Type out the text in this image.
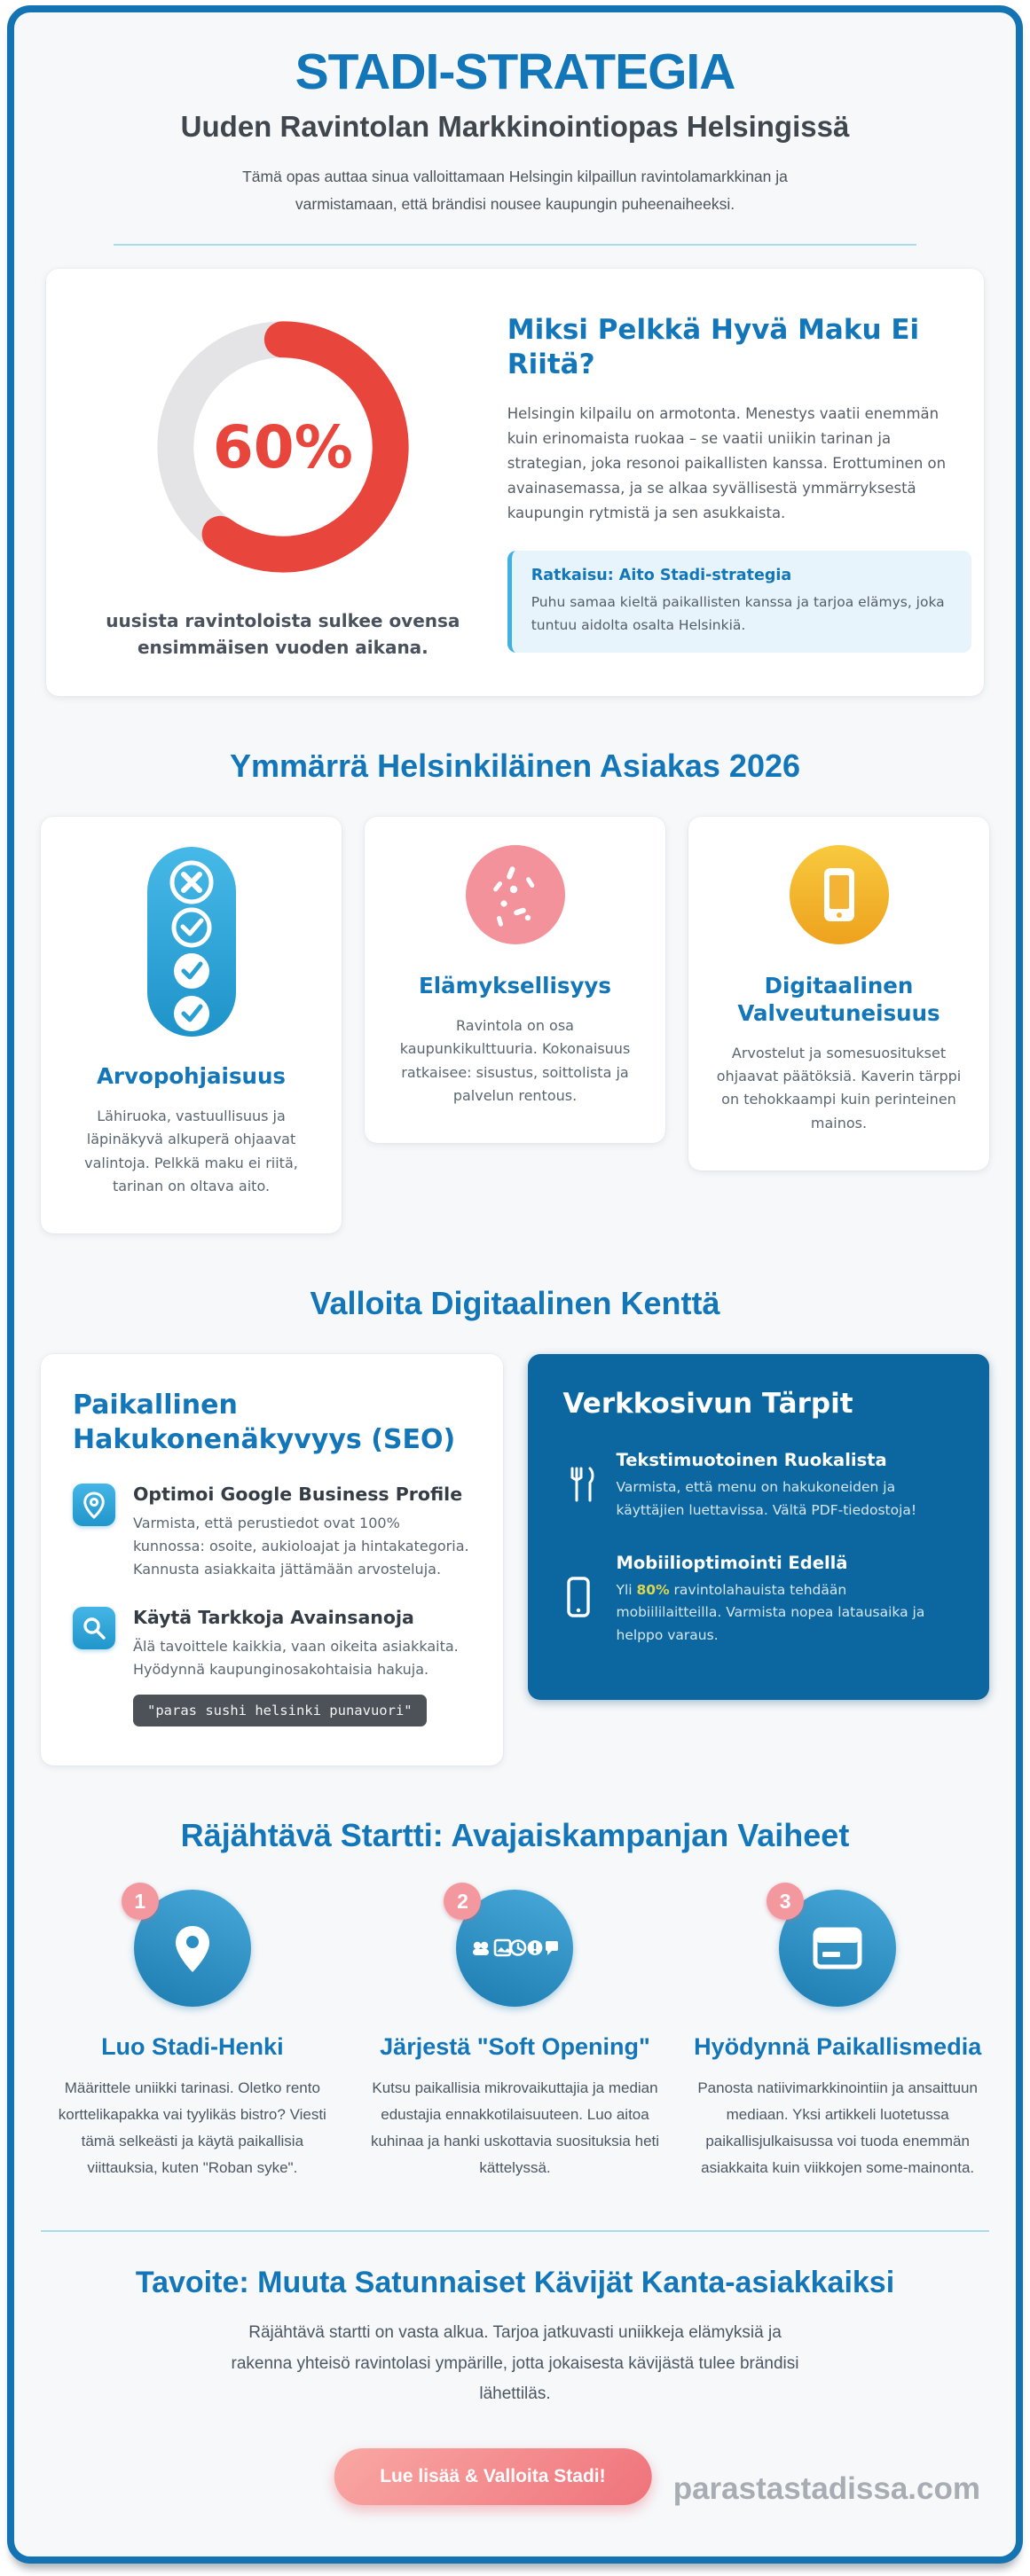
STADI-STRATEGIA
Uuden Ravintolan Markkinointiopas Helsingissä

Tämä opas auttaa sinua valloittamaan Helsingin kilpaillun ravintolamarkkinan ja varmistamaan, että brändisi nousee kaupungin puheenaiheeksi.

60%

uusista ravintoloista sulkee ovensa ensimmäisen vuoden aikana.

Miksi Pelkkä Hyvä Maku Ei Riitä?

Helsingin kilpailu on armotonta. Menestys vaatii enemmän kuin erinomaista ruokaa – se vaatii uniikin tarinan ja strategian, joka resonoi paikallisten kanssa. Erottuminen on avainasemassa, ja se alkaa syvällisestä ymmärryksestä kaupungin rytmistä ja sen asukkaista.

Ratkaisu: Aito Stadi-strategia

Puhu samaa kieltä paikallisten kanssa ja tarjoa elämys, joka tuntuu aidolta osalta Helsinkiä.

Ymmärrä Helsinkiläinen Asiakas 2026
Arvopohjaisuus

Lähiruoka, vastuullisuus ja läpinäkyvä alkuperä ohjaavat valintoja. Pelkkä maku ei riitä, tarinan on oltava aito.

Elämyksellisyys

Ravintola on osa kaupunkikulttuuria. Kokonaisuus ratkaisee: sisustus, soittolista ja palvelun rentous.

Digitaalinen Valveutuneisuus

Arvostelut ja somesuositukset ohjaavat päätöksiä. Kaverin tärppi on tehokkaampi kuin perinteinen mainos.

Valloita Digitaalinen Kenttä
Paikallinen Hakukonenäkyvyys (SEO)
Optimoi Google Business Profile

Varmista, että perustiedot ovat 100% kunnossa: osoite, aukioloajat ja hintakategoria. Kannusta asiakkaita jättämään arvosteluja.

Käytä Tarkkoja Avainsanoja

Älä tavoittele kaikkia, vaan oikeita asiakkaita. Hyödynnä kaupunginosakohtaisia hakuja.

"paras sushi helsinki punavuori"
Verkkosivun Tärpit
Tekstimuotoinen Ruokalista

Varmista, että menu on hakukoneiden ja käyttäjien luettavissa. Vältä PDF-tiedostoja!

Mobiilioptimointi Edellä

Yli 80% ravintolahauista tehdään mobiililaitteilla. Varmista nopea latausaika ja helppo varaus.

Räjähtävä Startti: Avajaiskampanjan Vaiheet
1
Luo Stadi-Henki

Määrittele uniikki tarinasi. Oletko rento korttelikapakka vai tyylikäs bistro? Viesti tämä selkeästi ja käytä paikallisia viittauksia, kuten "Roban syke".

2
Järjestä "Soft Opening"

Kutsu paikallisia mikrovaikuttajia ja median edustajia ennakkotilaisuuteen. Luo aitoa kuhinaa ja hanki uskottavia suosituksia heti kättelyssä.

3
Hyödynnä Paikallismedia

Panosta natiivimarkkinointiin ja ansaittuun mediaan. Yksi artikkeli luotetussa paikallisjulkaisussa voi tuoda enemmän asiakkaita kuin viikkojen some-mainonta.

Tavoite: Muuta Satunnaiset Kävijät Kanta-asiakkaiksi

Räjähtävä startti on vasta alkua. Tarjoa jatkuvasti uniikkeja elämyksiä ja rakenna yhteisö ravintolasi ympärille, jotta jokaisesta kävijästä tulee brändisi lähettiläs.

Lue lisää & Valloita Stadi!	parastastadissa.com
